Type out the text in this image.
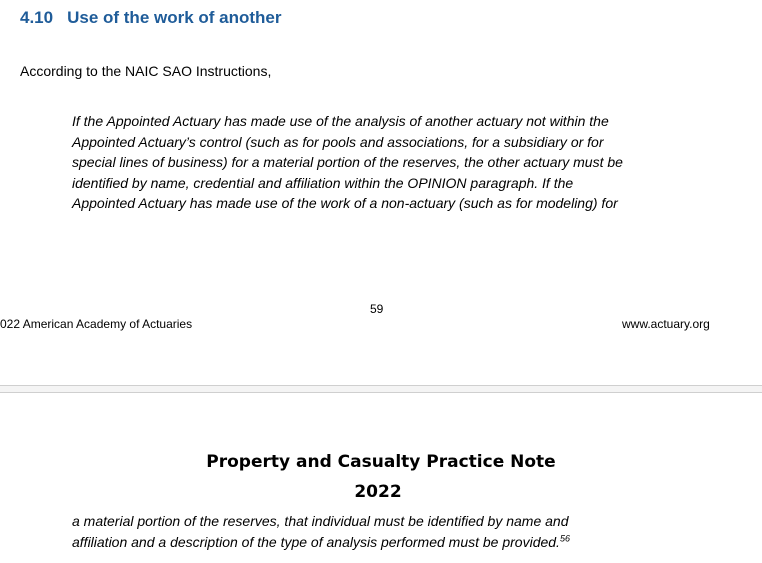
4.10 Use of the work of another
According to the NAIC SAO Instructions,
If the Appointed Actuary has made use of the analysis of another actuary not within the
Appointed Actuary’s control (such as for pools and associations, for a subsidiary or for
special lines of business) for a material portion of the reserves, the other actuary must be
identified by name, credential and affiliation within the OPINION paragraph. If the
Appointed Actuary has made use of the work of a non-actuary (such as for modeling) for
59
022 American Academy of Actuaries	www.actuary.org
Property and Casualty Practice Note
2022
a material portion of the reserves, that individual must be identified by name and
affiliation and a description of the type of analysis performed must be provided.$^{56}$
